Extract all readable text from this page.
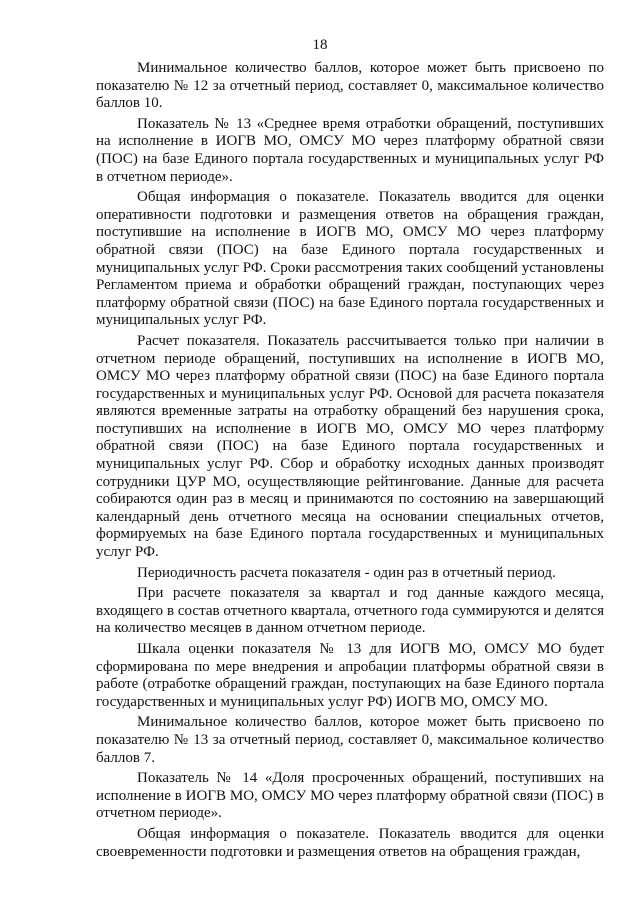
18

Минимальное количество баллов, которое может быть присвоено по показателю № 12 за отчетный период, составляет 0, максимальное количество баллов 10.

Показатель № 13 «Среднее время отработки обращений, поступивших на исполнение в ИОГВ МО, ОМСУ МО через платформу обратной связи (ПОС) на базе Единого портала государственных и муниципальных услуг РФ в отчетном периоде».

Общая информация о показателе. Показатель вводится для оценки оперативности подготовки и размещения ответов на обращения граждан, поступившие на исполнение в ИОГВ МО, ОМСУ МО через платформу обратной связи (ПОС) на базе Единого портала государственных и муниципальных услуг РФ. Сроки рассмотрения таких сообщений установлены Регламентом приема и обработки обращений граждан, поступающих через платформу обратной связи (ПОС) на базе Единого портала государственных и муниципальных услуг РФ.

Расчет показателя. Показатель рассчитывается только при наличии в отчетном периоде обращений, поступивших на исполнение в ИОГВ МО, ОМСУ МО через платформу обратной связи (ПОС) на базе Единого портала государственных и муниципальных услуг РФ. Основой для расчета показателя являются временные затраты на отработку обращений без нарушения срока, поступивших на исполнение в ИОГВ МО, ОМСУ МО через платформу обратной связи (ПОС) на базе Единого портала государственных и муниципальных услуг РФ. Сбор и обработку исходных данных производят сотрудники ЦУР МО, осуществляющие рейтингование. Данные для расчета собираются один раз в месяц и принимаются по состоянию на завершающий календарный день отчетного месяца на основании специальных отчетов, формируемых на базе Единого портала государственных и муниципальных услуг РФ.

Периодичность расчета показателя - один раз в отчетный период.

При расчете показателя за квартал и год данные каждого месяца, входящего в состав отчетного квартала, отчетного года суммируются и делятся на количество месяцев в данном отчетном периоде.

Шкала оценки показателя № 13 для ИОГВ МО, ОМСУ МО будет сформирована по мере внедрения и апробации платформы обратной связи в работе (отработке обращений граждан, поступающих на базе Единого портала государственных и муниципальных услуг РФ) ИОГВ МО, ОМСУ МО.

Минимальное количество баллов, которое может быть присвоено по показателю № 13 за отчетный период, составляет 0, максимальное количество баллов 7.

Показатель № 14 «Доля просроченных обращений, поступивших на исполнение в ИОГВ МО, ОМСУ МО через платформу обратной связи (ПОС) в отчетном периоде».

Общая информация о показателе. Показатель вводится для оценки своевременности подготовки и размещения ответов на обращения граждан,
